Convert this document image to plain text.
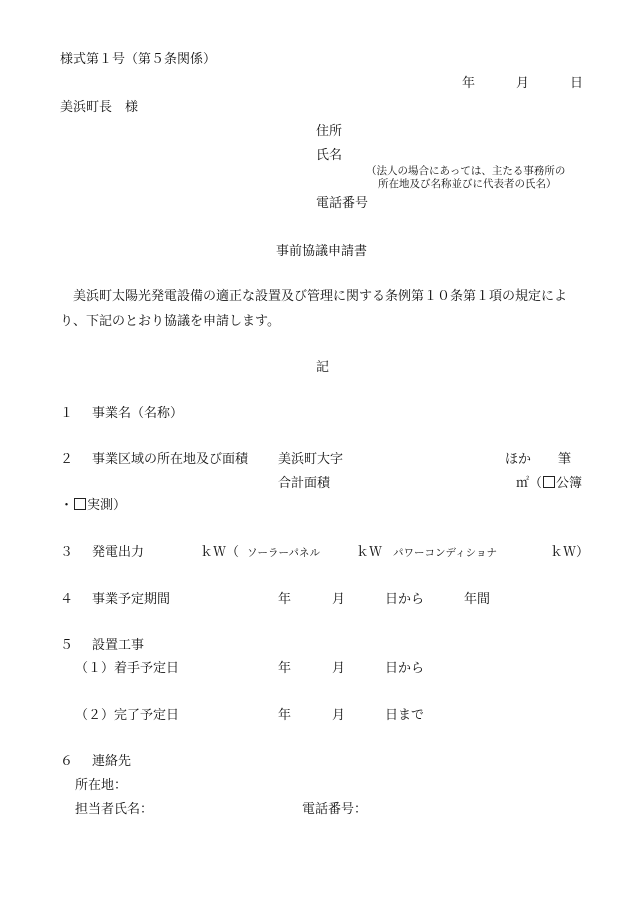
様式第１号（第５条関係）
年	月	日
美浜町長　様
住所
氏名
（法人の場合にあっては、主たる事務所の
所在地及び名称並びに代表者の氏名）
電話番号
事前協議申請書
美浜町太陽光発電設備の適正な設置及び管理に関する条例第１０条第１項の規定により、下記のとおり協議を申請します。
記
１ 事業名（名称）
２ 事業区域の所在地及び面積 美浜町大字	ほか 筆
合計面積	㎡（ 公簿
・ 実測）
３ 発電出力	ｋＷ（ ソーラーパネル	ｋＷ パワーコンディショナ	ｋＷ）
４ 事業予定期間	年	月	日から	年間
５ 設置工事
（１）着手予定日	年	月	日から
（２）完了予定日	年	月	日まで
６ 連絡先
所在地：
担当者氏名：	電話番号：
